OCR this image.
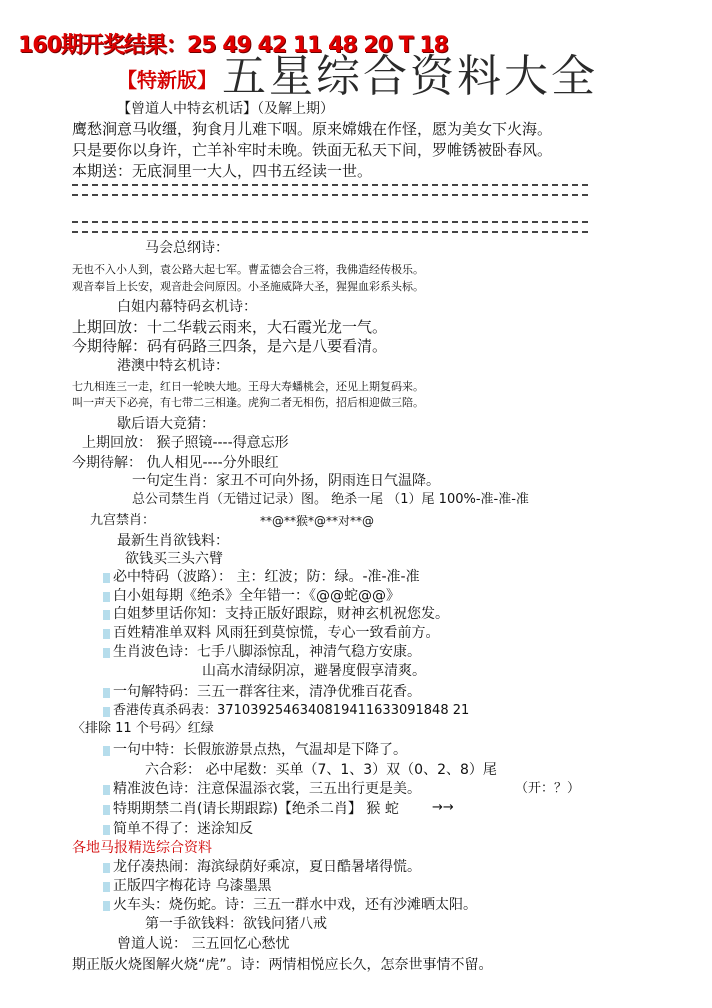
160期开奖结果：25 49 42 11 48 20 T 18
【特新版】 五星综合资料大全
【曾道人中特玄机话】（及解上期）
鹰愁涧意马收缰，狗食月儿难下咽。原来嫦娥在作怪，愿为美女下火海。
只是要你以身许，亡羊补牢时未晚。铁面无私天下间，罗帷锈被卧春风。
本期送：无底洞里一大人，四书五经读一世。
马会总纲诗：
无也不入小人到，袁公路大起七军。曹孟德会合三将，我佛造经传极乐。
观音奉旨上长安，观音赴会问原因。小圣施威降大圣，猩猩血彩系头标。
白姐内幕特码玄机诗：
上期回放：十二华载云雨来，大石霞光龙一气。
今期待解：码有码路三四条，是六是八要看清。
港澳中特玄机诗：
七九相连三一走，红日一轮映大地。王母大寿蟠桃会，还见上期复码来。
叫一声天下必亮，有七带二三相逢。虎狗二者无相伤，招后相迎做三陪。
歇后语大竞猜：
上期回放： 猴子照镜----得意忘形
今期待解： 仇人相见----分外眼红
一句定生肖：家丑不可向外扬，阴雨连日气温降。
总公司禁生肖（无错过记录）图。 绝杀一尾 （1）尾 100%-准-准-准
九宫禁肖：	**@**猴*@**对**@
最新生肖欲钱料：
欲钱买三头六臂
必中特码（波路）： 主：红波；防：绿。-准-准-准
白小姐每期《绝杀》全年错一：《@@蛇@@》
白姐梦里话你知：支持正版好跟踪，财神玄机祝您发。
百姓精准单双料 风雨狂到莫惊慌，专心一致看前方。
生肖波色诗：七手八脚添惊乱，神清气稳方安康。
山高水清绿阴凉，避暑度假享清爽。
一句解特码：三五一群客往来，清净优雅百花香。
香港传真杀码表：3710392546340819411633091848 21
〈排除 11 个号码〉红绿
一句中特：长假旅游景点热，气温却是下降了。
六合彩： 必中尾数：买单（7、1、3）双（0、2、8）尾
精准波色诗：注意保温添衣裳，三五出行更是美。	（开：？）
特期期禁二肖(请长期跟踪)【绝杀二肖】 猴 蛇	→→
简单不得了：迷涂知反
各地马报精选综合资料
龙仔凑热闹：海滨绿荫好乘凉，夏日酷暑堵得慌。
正版四字梅花诗 乌漆墨黑
火车头：烧伤蛇。诗：三五一群水中戏，还有沙滩晒太阳。
第一手欲钱料：欲钱问猪八戒
曾道人说： 三五回忆心愁忧
期正版火烧图解火烧“虎”。诗：两情相悦应长久，怎奈世事情不留。
